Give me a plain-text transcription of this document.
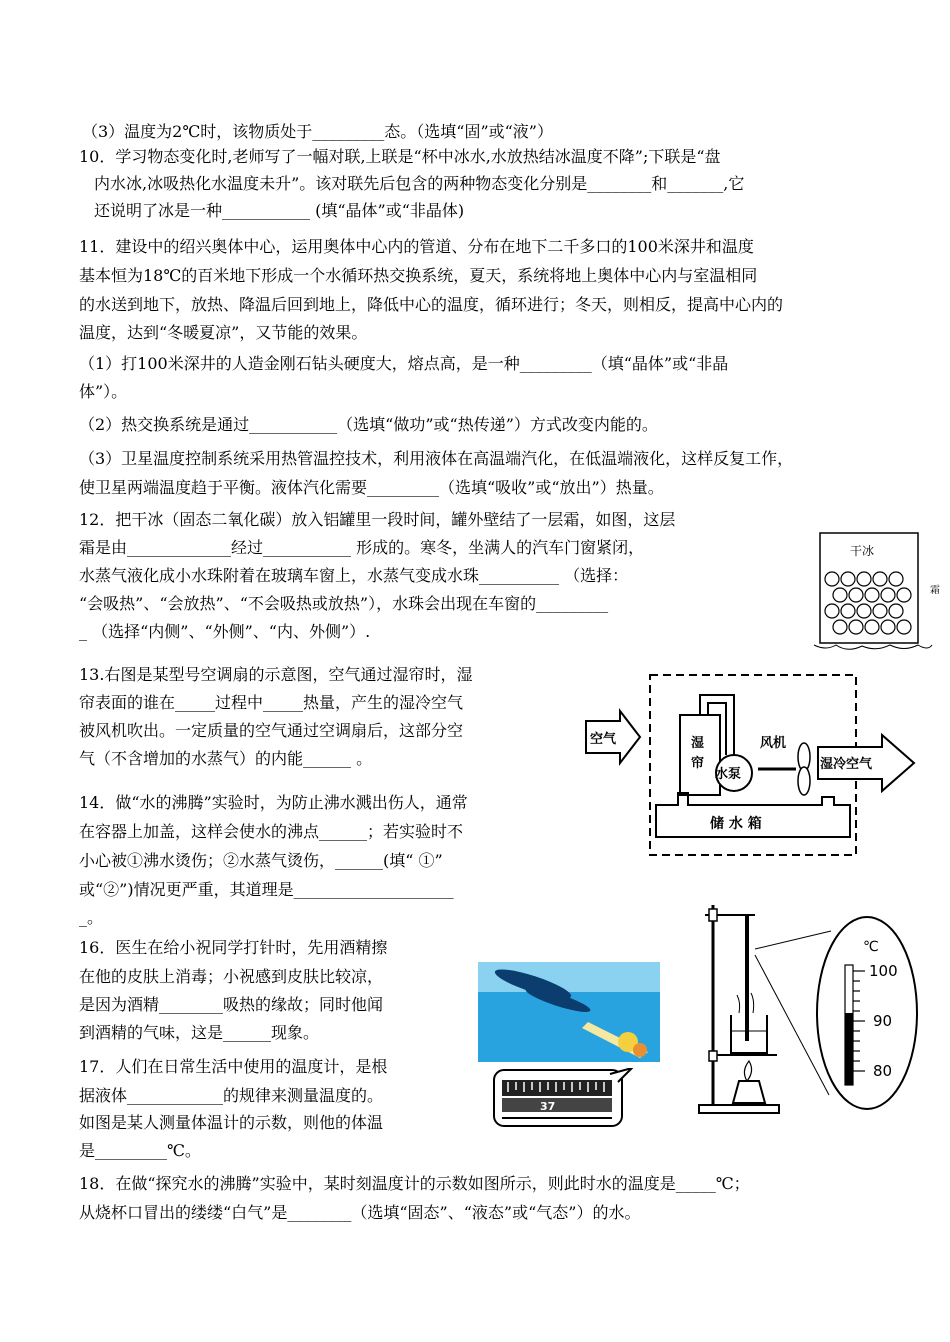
（3）温度为2℃时，该物质处于_________态。（选填“固”或“液”）
10．学习物态变化时,老师写了一幅对联,上联是“杯中冰水,水放热结冰温度不降”;下联是“盘
内水冰,冰吸热化水温度未升”。该对联先后包含的两种物态变化分别是________和_______,它
还说明了冰是一种___________ (填“晶体”或“非晶体)
11．建设中的绍兴奥体中心，运用奥体中心内的管道、分布在地下二千多口的100米深井和温度
基本恒为18℃的百米地下形成一个水循环热交换系统，夏天，系统将地上奥体中心内与室温相同
的水送到地下，放热、降温后回到地上，降低中心的温度，循环进行；冬天，则相反，提高中心内的
温度，达到“冬暖夏凉”，又节能的效果。
（1）打100米深井的人造金刚石钻头硬度大，熔点高，是一种_________（填“晶体”或“非晶
体”）。
（2）热交换系统是通过___________（选填“做功”或“热传递”）方式改变内能的。
（3）卫星温度控制系统采用热管温控技术，利用液体在高温端汽化，在低温端液化，这样反复工作，
使卫星两端温度趋于平衡。液体汽化需要_________（选填“吸收”或“放出”）热量。
12．把干冰（固态二氧化碳）放入铝罐里一段时间，罐外壁结了一层霜，如图，这层
霜是由_____________经过___________ 形成的。寒冬，坐满人的汽车门窗紧闭，
水蒸气液化成小水珠附着在玻璃车窗上，水蒸气变成水珠__________ （选择：
“会吸热”、“会放热”、“不会吸热或放热”），水珠会出现在车窗的_________
_ （选择“内侧”、“外侧”、“内、外侧”）.
13.右图是某型号空调扇的示意图，空气通过湿帘时，湿
帘表面的谁在_____过程中_____热量，产生的湿冷空气
被风机吹出。一定质量的空气通过空调扇后，这部分空
气（不含增加的水蒸气）的内能______ 。
14．做“水的沸腾”实验时，为防止沸水溅出伤人，通常
在容器上加盖，这样会使水的沸点______；若实验时不
小心被①沸水烫伤；②水蒸气烫伤，______(填“ ①”
或“②”)情况更严重，其道理是____________________
_。
16．医生在给小祝同学打针时，先用酒精擦
在他的皮肤上消毒；小祝感到皮肤比较凉，
是因为酒精________吸热的缘故；同时他闻
到酒精的气味，这是______现象。
17．人们在日常生活中使用的温度计，是根
据液体____________的规律来测量温度的。
如图是某人测量体温计的示数，则他的体温
是_________℃。
18．在做“探究水的沸腾”实验中，某时刻温度计的示数如图所示，则此时水的温度是_____℃；
从烧杯口冒出的缕缕“白气”是________（选填“固态”、“液态”或“气态”）的水。
干冰
霜
空气	湿
帘
水泵
风机
湿冷空气
储 水 箱
37
℃
100
90
80
